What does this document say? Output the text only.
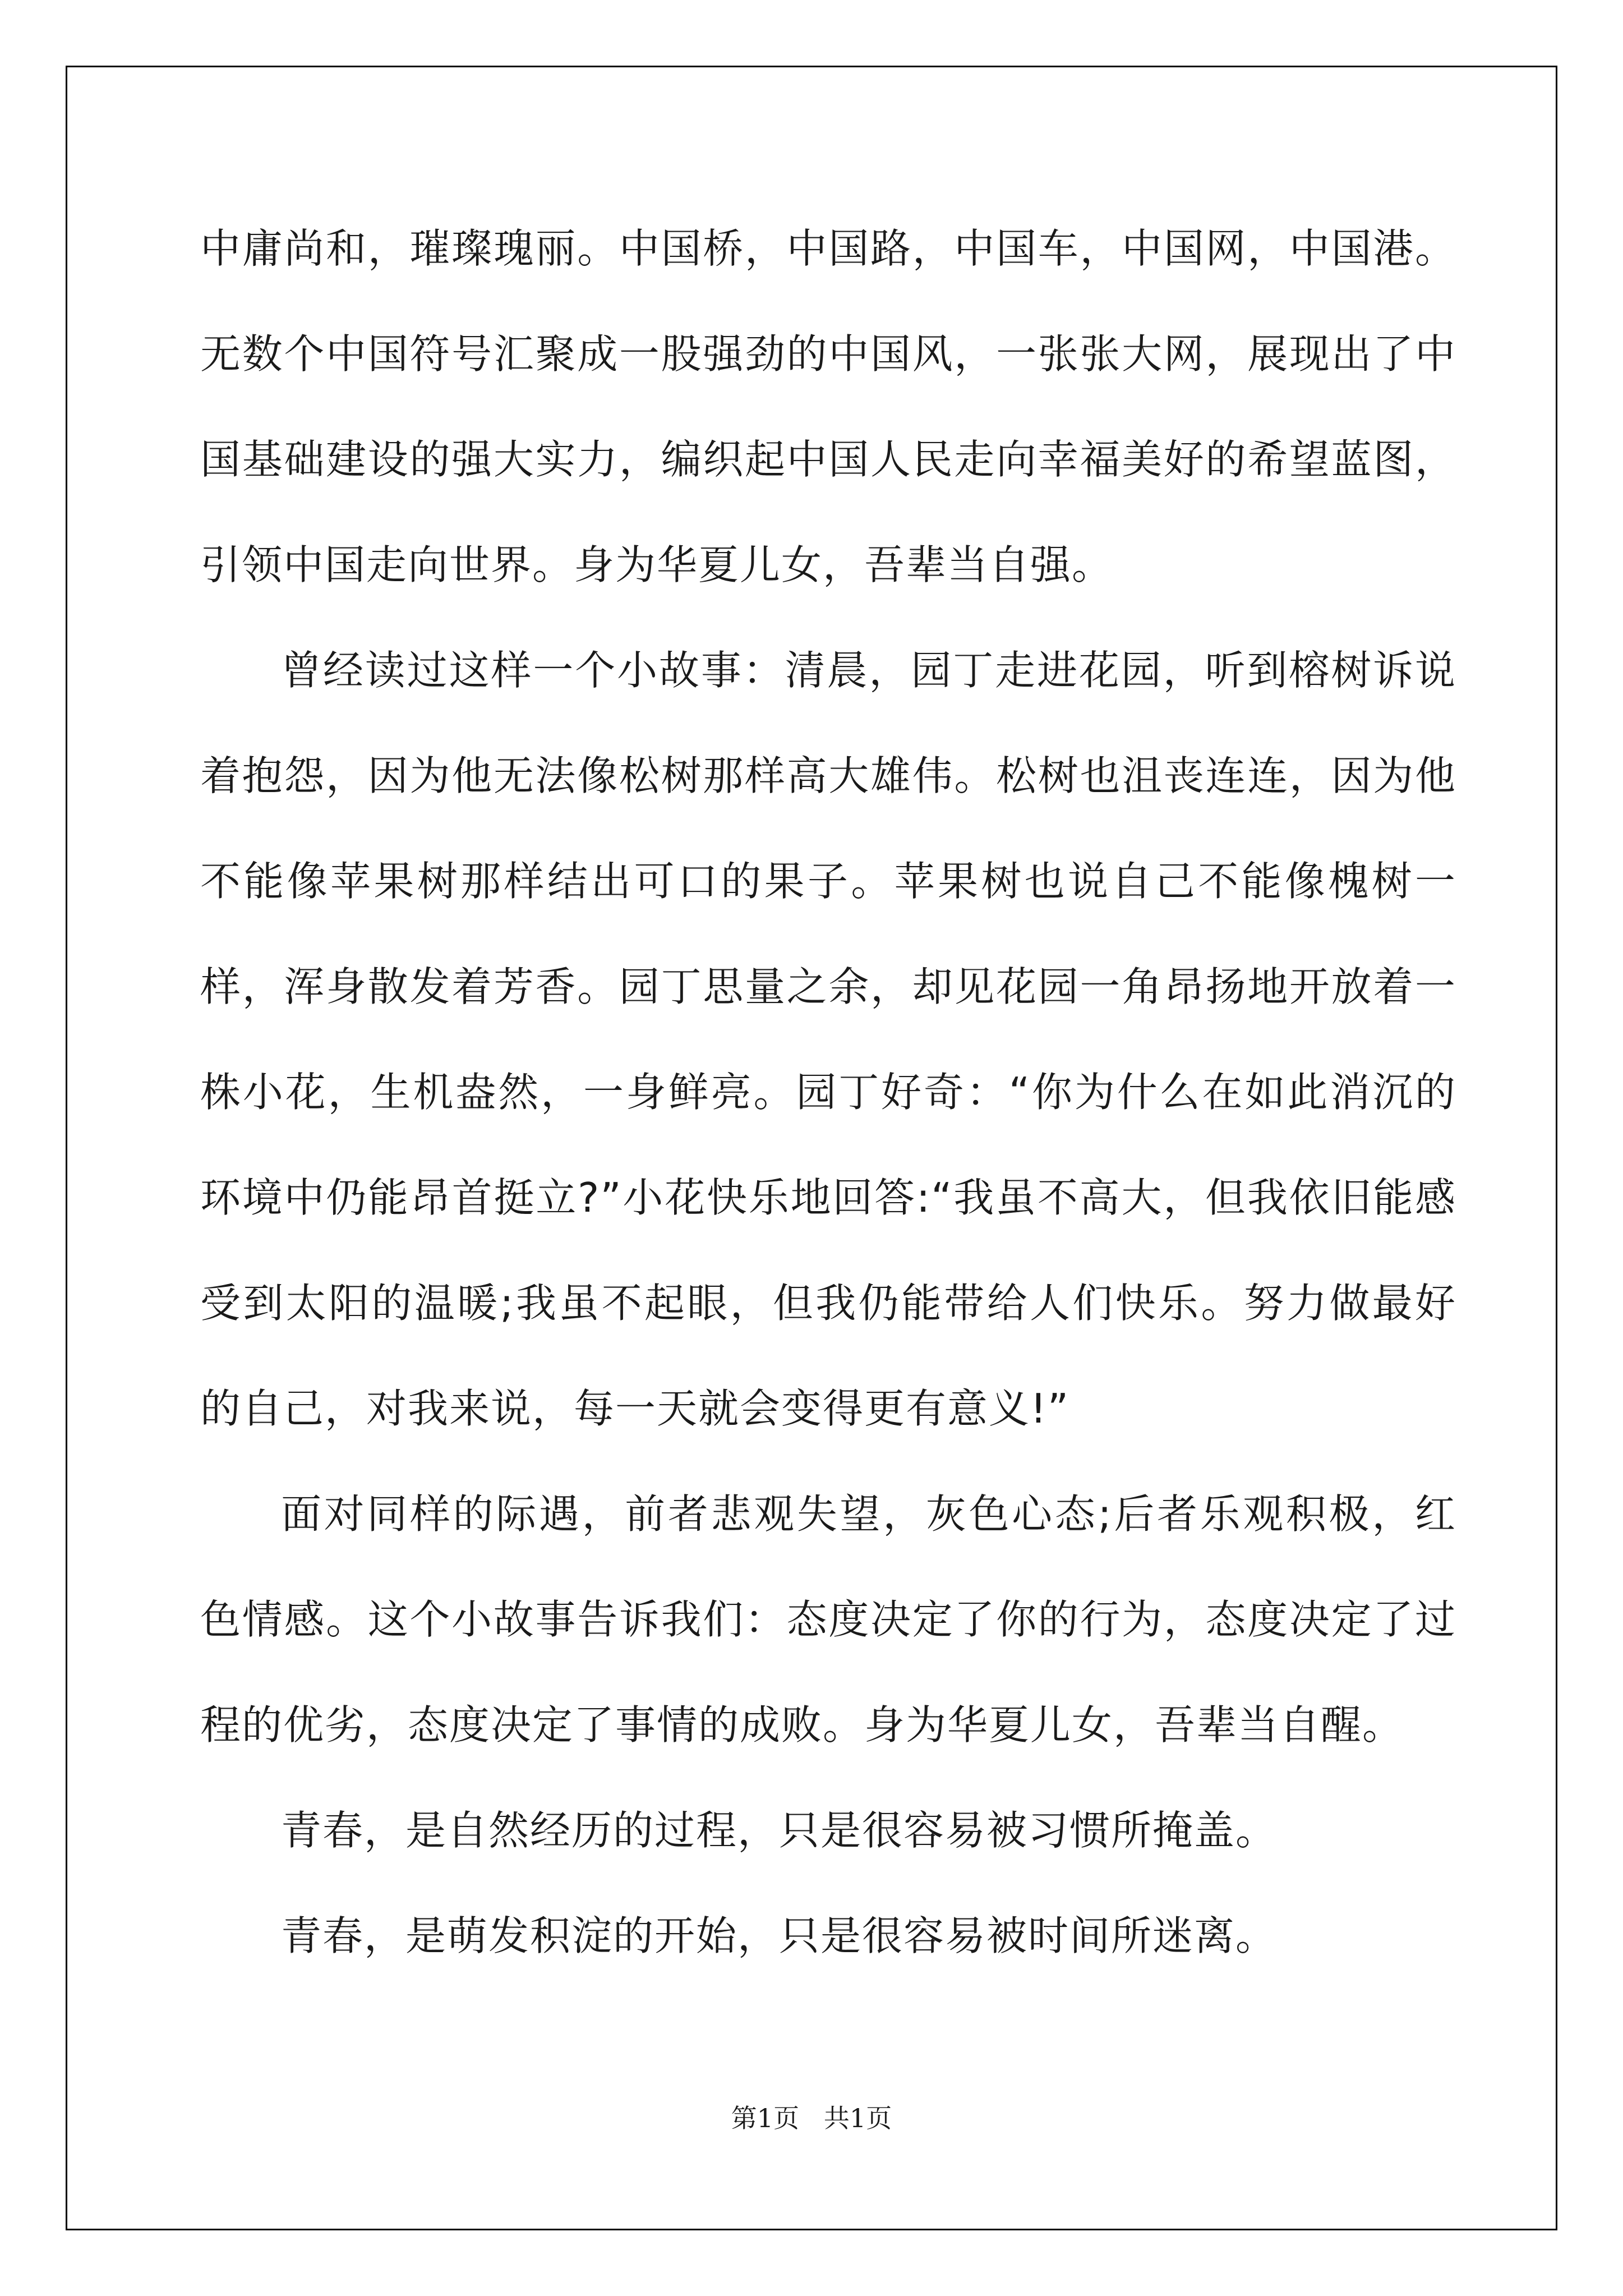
中庸尚和，璀璨瑰丽。中国桥，中国路，中国车，中国网，中国港。无数个中国符号汇聚成一股强劲的中国风，一张张大网，展现出了中国基础建设的强大实力，编织起中国人民走向幸福美好的希望蓝图，引领中国走向世界。身为华夏儿女，吾辈当自强。

曾经读过这样一个小故事：清晨，园丁走进花园，听到榕树诉说着抱怨，因为他无法像松树那样高大雄伟。松树也沮丧连连，因为他不能像苹果树那样结出可口的果子。苹果树也说自己不能像槐树一样，浑身散发着芳香。园丁思量之余，却见花园一角昂扬地开放着一株小花，生机盎然，一身鲜亮。园丁好奇：“你为什么在如此消沉的环境中仍能昂首挺立?”小花快乐地回答:“我虽不高大，但我依旧能感受到太阳的温暖;我虽不起眼，但我仍能带给人们快乐。努力做最好的自己，对我来说，每一天就会变得更有意义!”

面对同样的际遇，前者悲观失望，灰色心态;后者乐观积极，红色情感。这个小故事告诉我们：态度决定了你的行为，态度决定了过程的优劣，态度决定了事情的成败。身为华夏儿女，吾辈当自醒。

青春，是自然经历的过程，只是很容易被习惯所掩盖。

青春，是萌发积淀的开始，只是很容易被时间所迷离。

第1页   共1页
